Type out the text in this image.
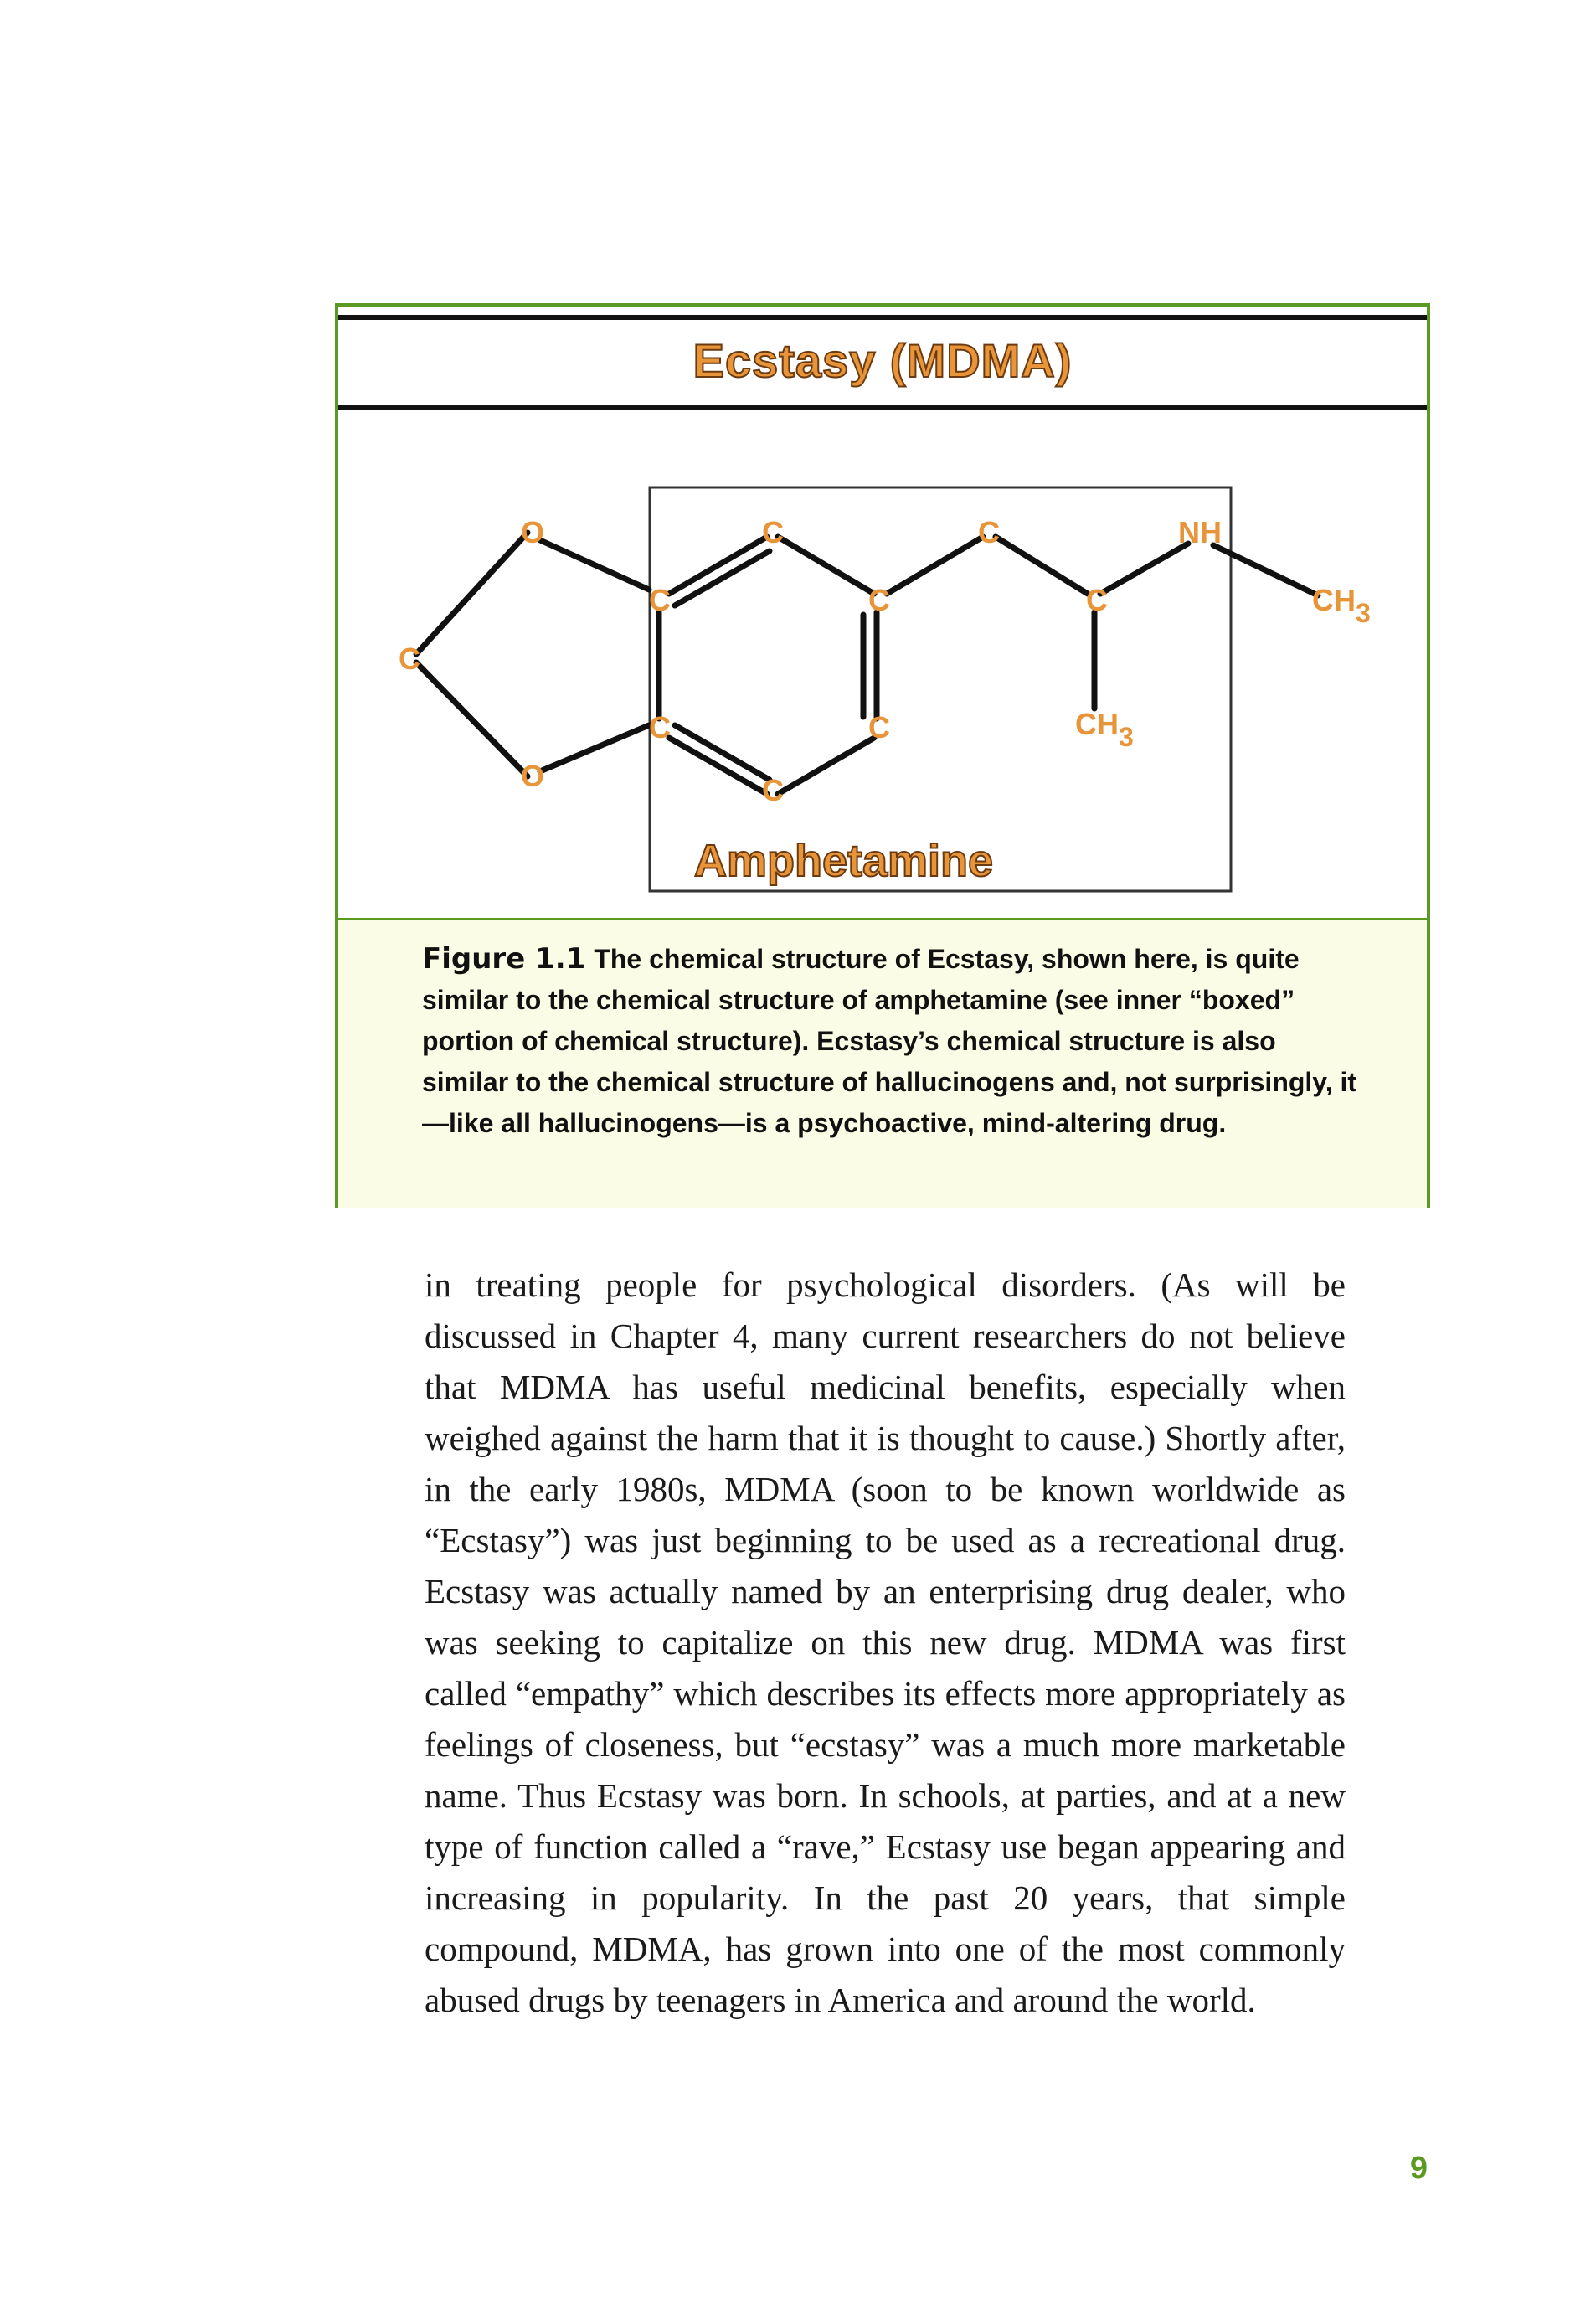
Ecstasy (MDMA)
C
O
O
C
C
C
C
C
C
C
C
NH
CH3
CH3
Amphetamine
Figure 1.1 The chemical structure of Ecstasy, shown here, is quite similar to the chemical structure of amphetamine (see inner “boxed” portion of chemical structure). Ecstasy’s chemical structure is also similar to the chemical structure of hallucinogens and, not surprisingly, it—like all hallucinogens—is a psychoactive, mind-altering drug.
in treating people for psychological disorders. (As will be discussed in Chapter 4, many current researchers do not believe that MDMA has useful medicinal benefits, especially when weighed against the harm that it is thought to cause.) Shortly after, in the early 1980s, MDMA (soon to be known worldwide as “Ecstasy”) was just beginning to be used as a recreational drug. Ecstasy was actually named by an enterprising drug dealer, who was seeking to capitalize on this new drug. MDMA was first called “empathy” which describes its effects more appropriately as feelings of closeness, but “ecstasy” was a much more marketable name. Thus Ecstasy was born. In schools, at parties, and at a new type of function called a “rave,” Ecstasy use began appearing and increasing in popularity. In the past 20 years, that simple compound, MDMA, has grown into one of the most commonly abused drugs by teenagers in America and around the world.
9
